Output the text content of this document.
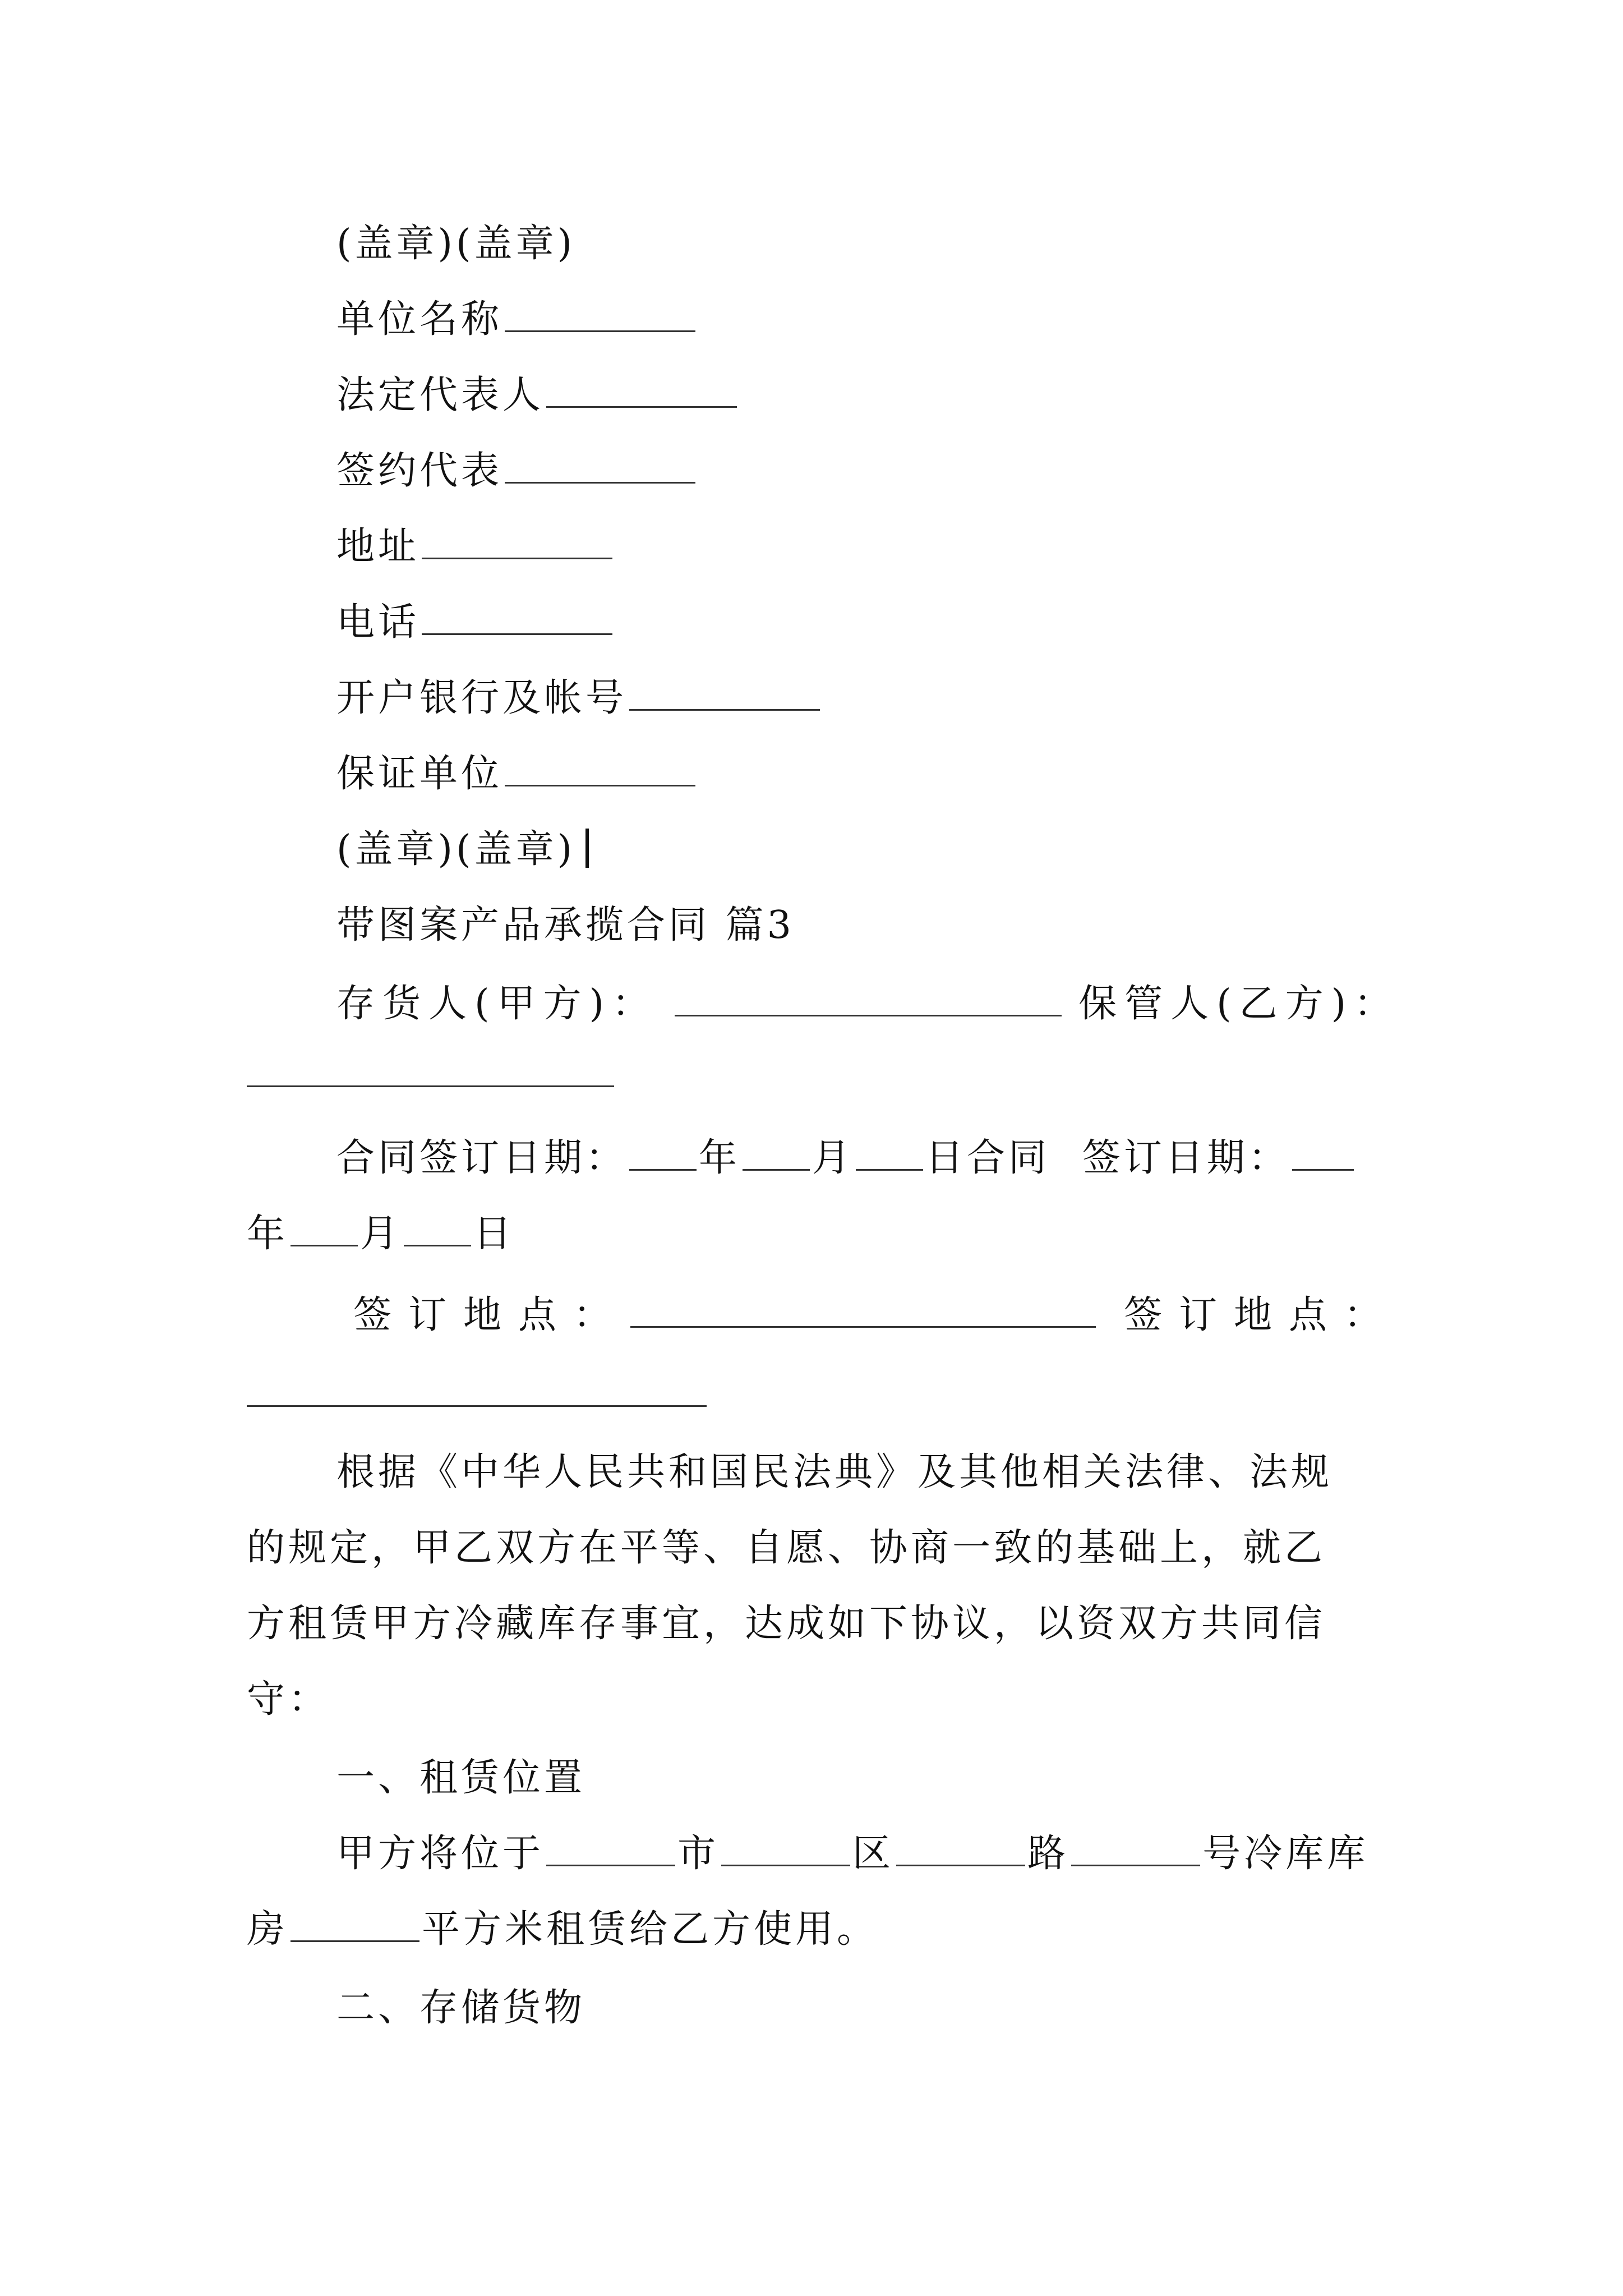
(盖章)(盖章)
单位名称
法定代表人
签约代表
地址
电话
开户银行及帐号
保证单位
(盖章)(盖章)
带图案产品承揽合同 篇3
存货人(甲方)：	保管人(乙方)：
合同签订日期： 年 月 日合同 签订日期：
年 月 日
签订地点：	签订地点：
根据《中华人民共和国民法典》及其他相关法律、法规
的规定，甲乙双方在平等、自愿、协商一致的基础上，就乙
方租赁甲方冷藏库存事宜，达成如下协议，以资双方共同信
守：
一、租赁位置
甲方将位于	市	区	路	号冷库库
房	平方米租赁给乙方使用。
二、存储货物
